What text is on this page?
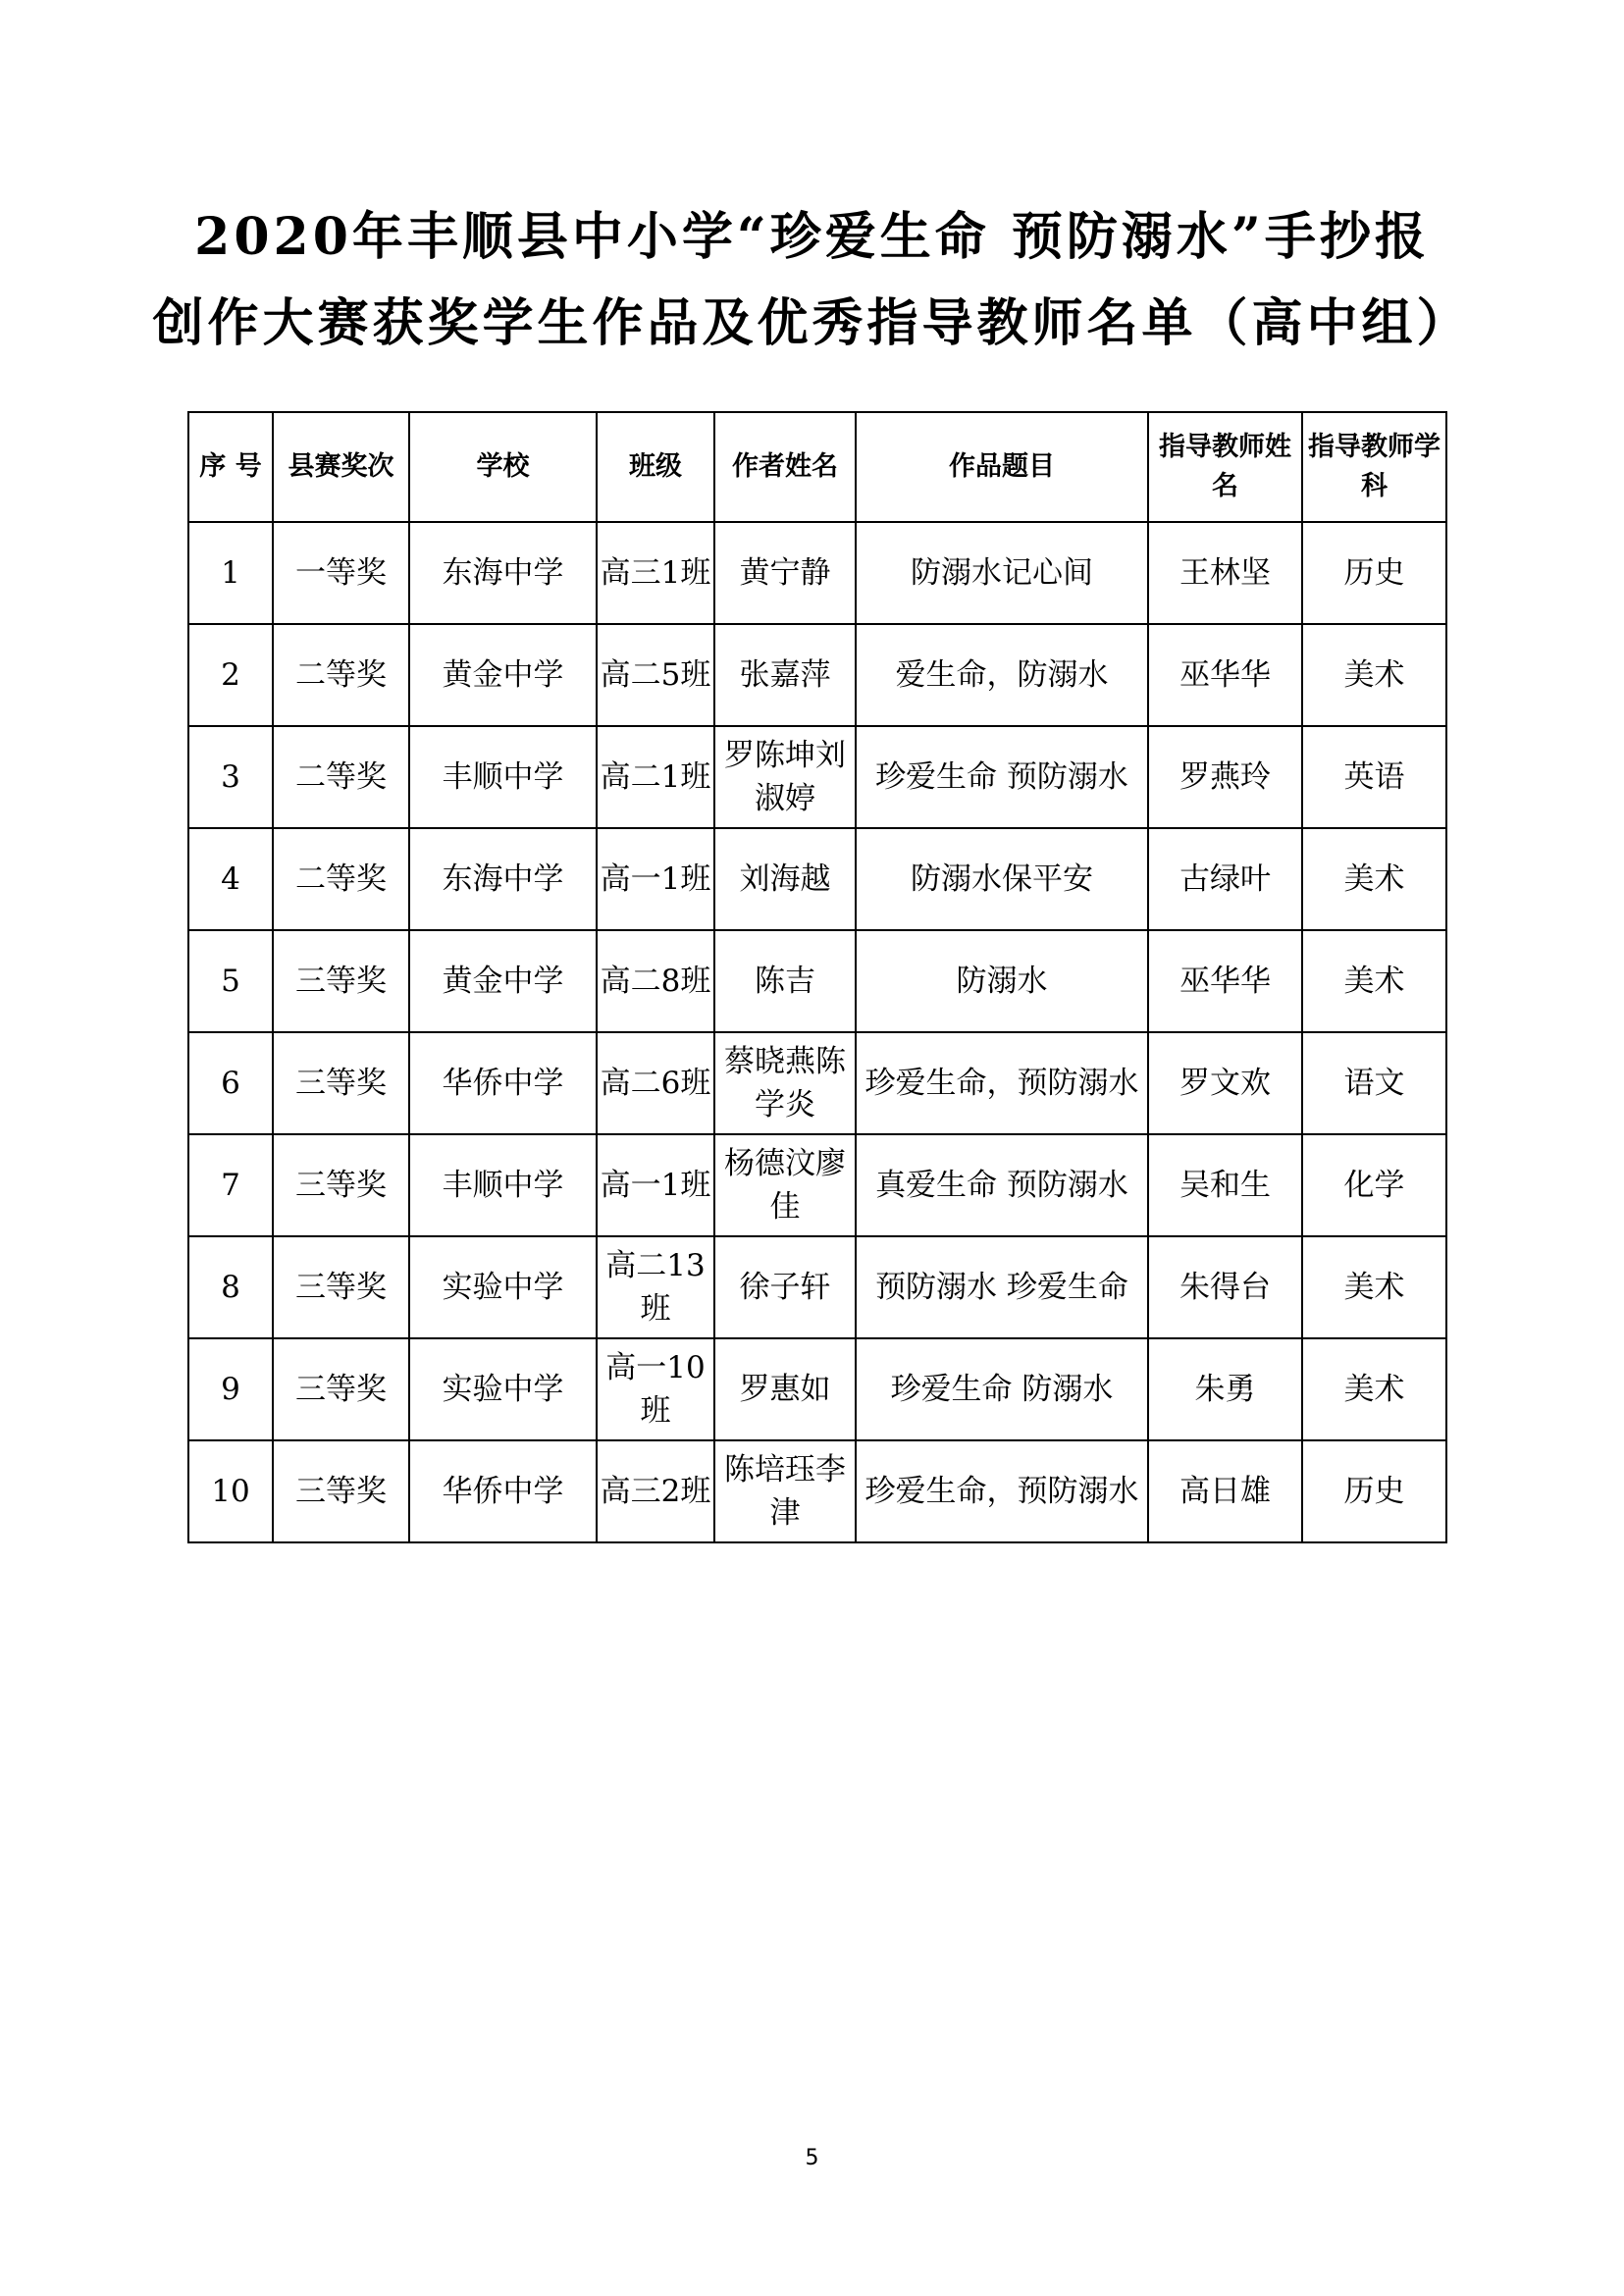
2020年丰顺县中小学“珍爱生命 预防溺水”手抄报
创作大赛获奖学生作品及优秀指导教师名单（高中组）
序 号	县赛奖次	学校	班级	作者姓名	作品题目	指导教师姓名	指导教师学科

1	一等奖	东海中学	高三1班	黄宁静	防溺水记心间	王林坚	历史
2	二等奖	黄金中学	高二5班	张嘉萍	爱生命，防溺水	巫华华	美术
3	二等奖	丰顺中学	高二1班	罗陈坤刘淑婷	珍爱生命 预防溺水	罗燕玲	英语
4	二等奖	东海中学	高一1班	刘海越	防溺水保平安	古绿叶	美术
5	三等奖	黄金中学	高二8班	陈吉	防溺水	巫华华	美术
6	三等奖	华侨中学	高二6班	蔡晓燕陈学炎	珍爱生命，预防溺水	罗文欢	语文
7	三等奖	丰顺中学	高一1班	杨德汶廖佳	真爱生命 预防溺水	吴和生	化学
8	三等奖	实验中学	高二13班	徐子轩	预防溺水 珍爱生命	朱得台	美术
9	三等奖	实验中学	高一10班	罗惠如	珍爱生命 防溺水	朱勇	美术
10	三等奖	华侨中学	高三2班	陈培珏李津	珍爱生命，预防溺水	高日雄	历史
5
